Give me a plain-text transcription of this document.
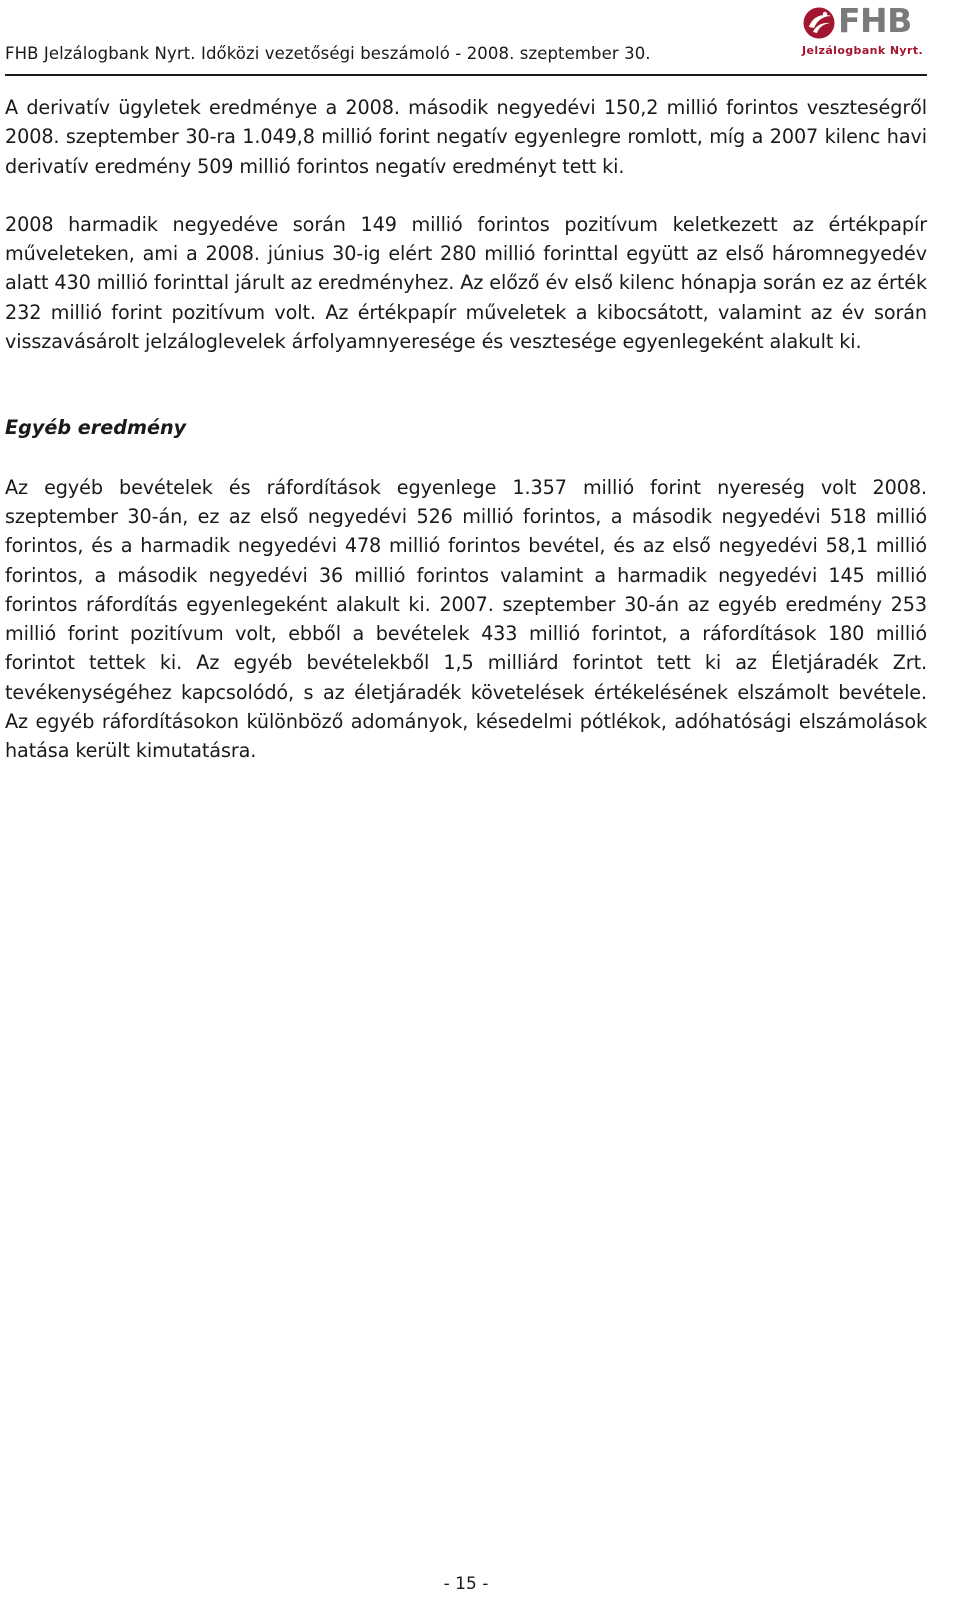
FHB Jelzálogbank Nyrt. Időközi vezetőségi beszámoló - 2008. szeptember 30.
FHB
Jelzálogbank Nyrt.

A derivatív ügyletek eredménye a 2008. második negyedévi 150,2 millió forintos veszteségről 2008. szeptember 30-ra 1.049,8 millió forint negatív egyenlegre romlott, míg a 2007 kilenc havi derivatív eredmény 509 millió forintos negatív eredményt tett ki.

2008 harmadik negyedéve során 149 millió forintos pozitívum keletkezett az értékpapír műveleteken, ami a 2008. június 30-ig elért 280 millió forinttal együtt az első háromnegyedév alatt 430 millió forinttal járult az eredményhez. Az előző év első kilenc hónapja során ez az érték 232 millió forint pozitívum volt. Az értékpapír műveletek a kibocsátott, valamint az év során visszavásárolt jelzáloglevelek árfolyamnyeresége és vesztesége egyenlegeként alakult ki.

Egyéb eredmény

Az egyéb bevételek és ráfordítások egyenlege 1.357 millió forint nyereség volt 2008. szeptember 30-án, ez az első negyedévi 526 millió forintos, a második negyedévi 518 millió forintos, és a harmadik negyedévi 478 millió forintos bevétel, és az első negyedévi 58,1 millió forintos, a második negyedévi 36 millió forintos valamint a harmadik negyedévi 145 millió forintos ráfordítás egyenlegeként alakult ki. 2007. szeptember 30-án az egyéb eredmény 253 millió forint pozitívum volt, ebből a bevételek 433 millió forintot, a ráfordítások 180 millió forintot tettek ki. Az egyéb bevételekből 1,5 milliárd forintot tett ki az Életjáradék Zrt. tevékenységéhez kapcsolódó, s az életjáradék követelések értékelésének elszámolt bevétele. Az egyéb ráfordításokon különböző adományok, késedelmi pótlékok, adóhatósági elszámolások hatása került kimutatásra.

- 15 -
